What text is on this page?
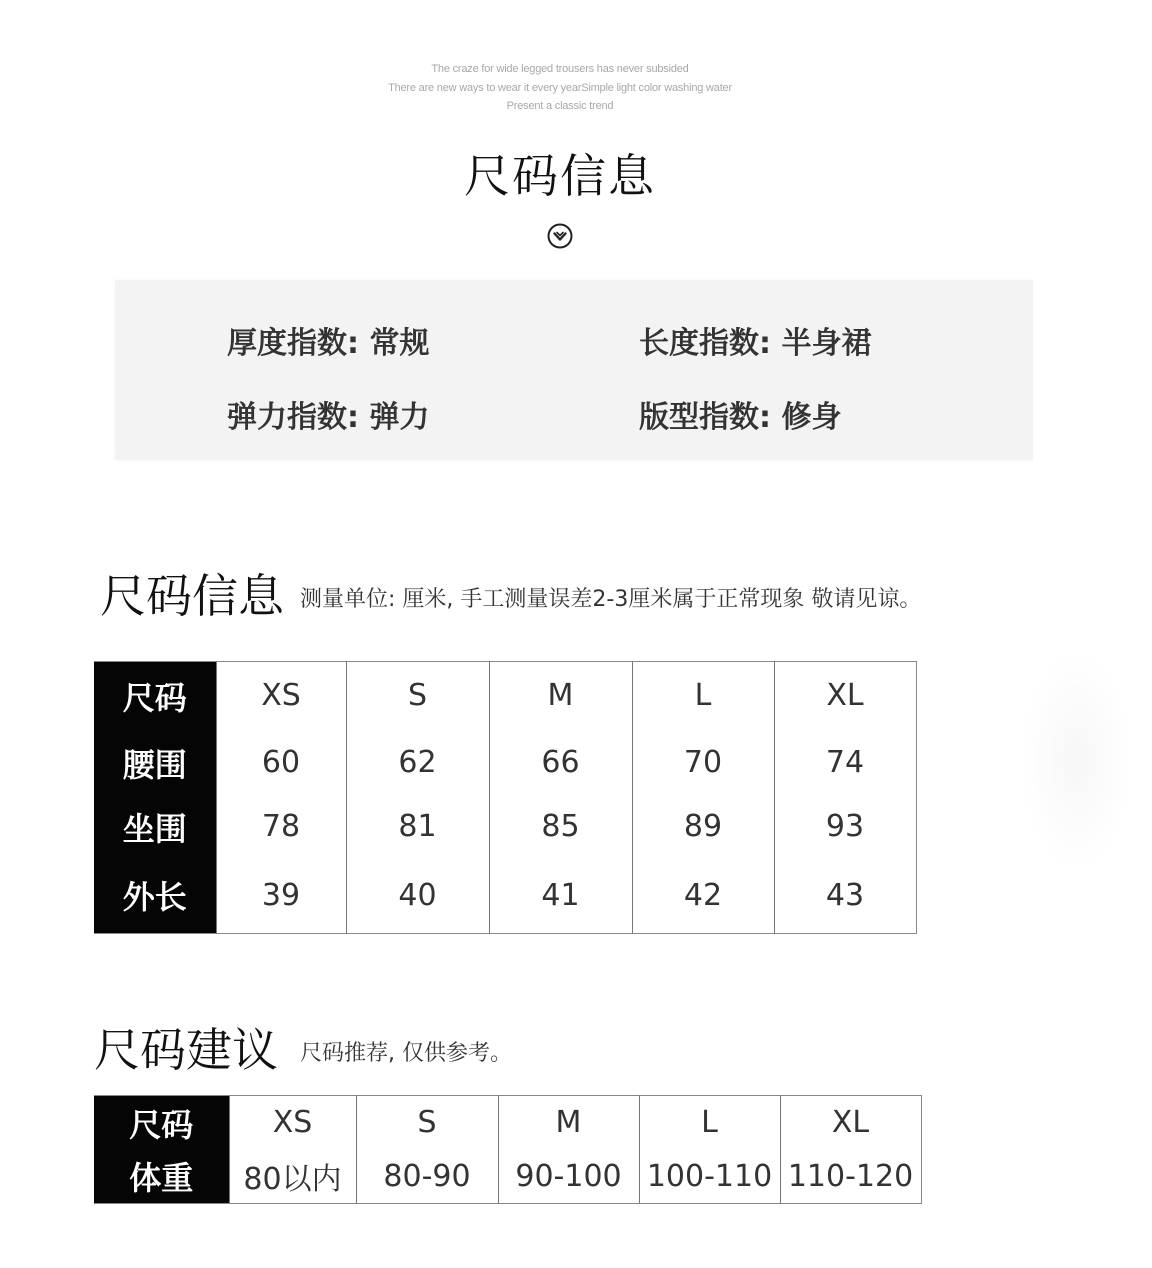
The craze for wide legged trousers has never subsided
There are new ways to wear it every yearSimple light color washing water
Present a classic trend
尺码信息
厚度指数: 常规	长度指数: 半身裙
弹力指数: 弹力	版型指数: 修身
尺码信息 测量单位: 厘米, 手工测量误差2-3厘米属于正常现象 敬请见谅。
尺码	XS	S	M	L	XL
腰围	60	62	66	70	74
坐围	78	81	85	89	93
外长	39	40	41	42	43
尺码建议 尺码推荐, 仅供参考。
尺码	XS	S	M	L	XL
体重	80以内	80-90	90-100	100-110	110-120
